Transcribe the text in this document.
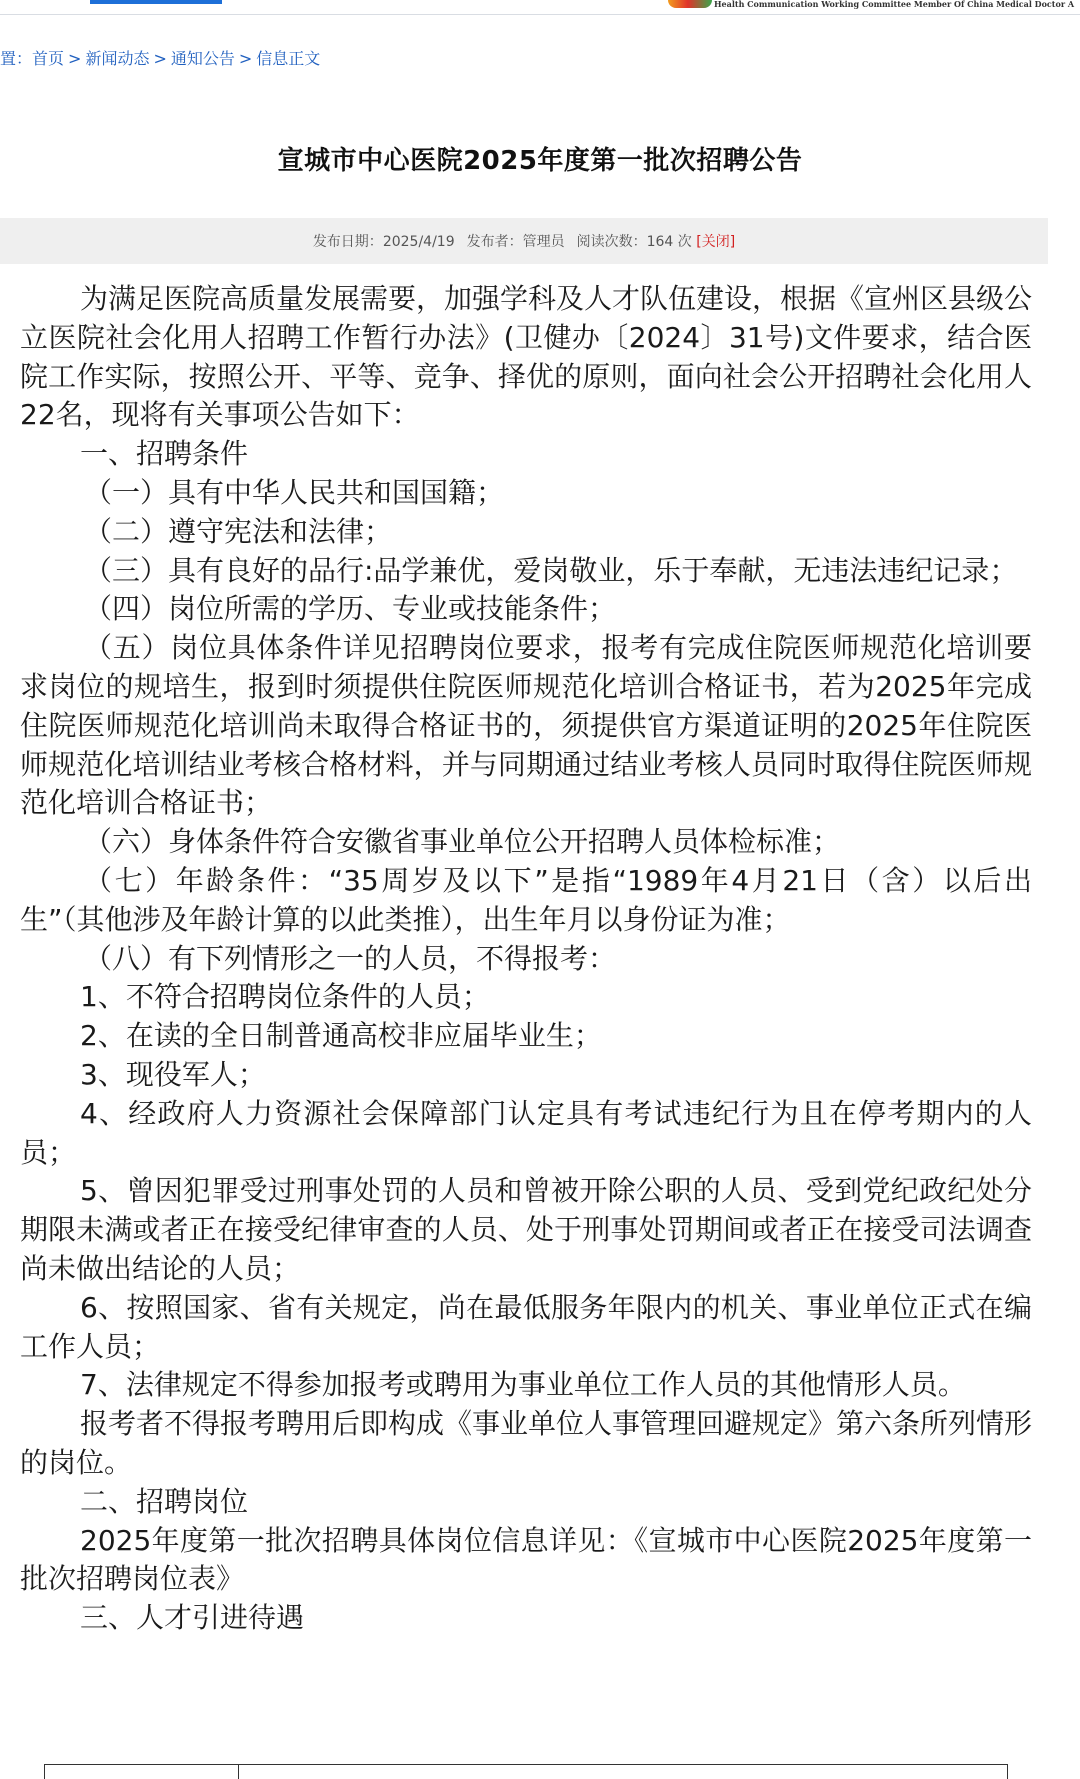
Health Communication Working Committee Member Of China Medical Doctor A
置：首页 > 新闻动态 > 通知公告 > 信息正文
宣城市中心医院2025年度第一批次招聘公告
发布日期：2025/4/19 发布者：管理员 阅读次数：164 次 [关闭]

为满足医院高质量发展需要，加强学科及人才队伍建设，根据《宣州区县级公立医院社会化用人招聘工作暂行办法》(卫健办〔2024〕31号)文件要求，结合医院工作实际，按照公开、平等、竞争、择优的原则，面向社会公开招聘社会化用人22名，现将有关事项公告如下：

一、招聘条件

（一）具有中华人民共和国国籍；

（二）遵守宪法和法律；

（三）具有良好的品行:品学兼优，爱岗敬业，乐于奉献，无违法违纪记录；

（四）岗位所需的学历、专业或技能条件；

（五）岗位具体条件详见招聘岗位要求，报考有完成住院医师规范化培训要求岗位的规培生，报到时须提供住院医师规范化培训合格证书，若为2025年完成住院医师规范化培训尚未取得合格证书的，须提供官方渠道证明的2025年住院医师规范化培训结业考核合格材料，并与同期通过结业考核人员同时取得住院医师规范化培训合格证书；

（六）身体条件符合安徽省事业单位公开招聘人员体检标准；

（七）年龄条件：“35周岁及以下”是指“1989年4月21日（含）以后出生”（其他涉及年龄计算的以此类推），出生年月以身份证为准；

（八）有下列情形之一的人员，不得报考：

1、不符合招聘岗位条件的人员；

2、在读的全日制普通高校非应届毕业生；

3、现役军人；

4、经政府人力资源社会保障部门认定具有考试违纪行为且在停考期内的人员；

5、曾因犯罪受过刑事处罚的人员和曾被开除公职的人员、受到党纪政纪处分期限未满或者正在接受纪律审查的人员、处于刑事处罚期间或者正在接受司法调查尚未做出结论的人员；

6、按照国家、省有关规定，尚在最低服务年限内的机关、事业单位正式在编工作人员；

7、法律规定不得参加报考或聘用为事业单位工作人员的其他情形人员。

报考者不得报考聘用后即构成《事业单位人事管理回避规定》第六条所列情形的岗位。

二、招聘岗位

2025年度第一批次招聘具体岗位信息详见：《宣城市中心医院2025年度第一批次招聘岗位表》

三、人才引进待遇
